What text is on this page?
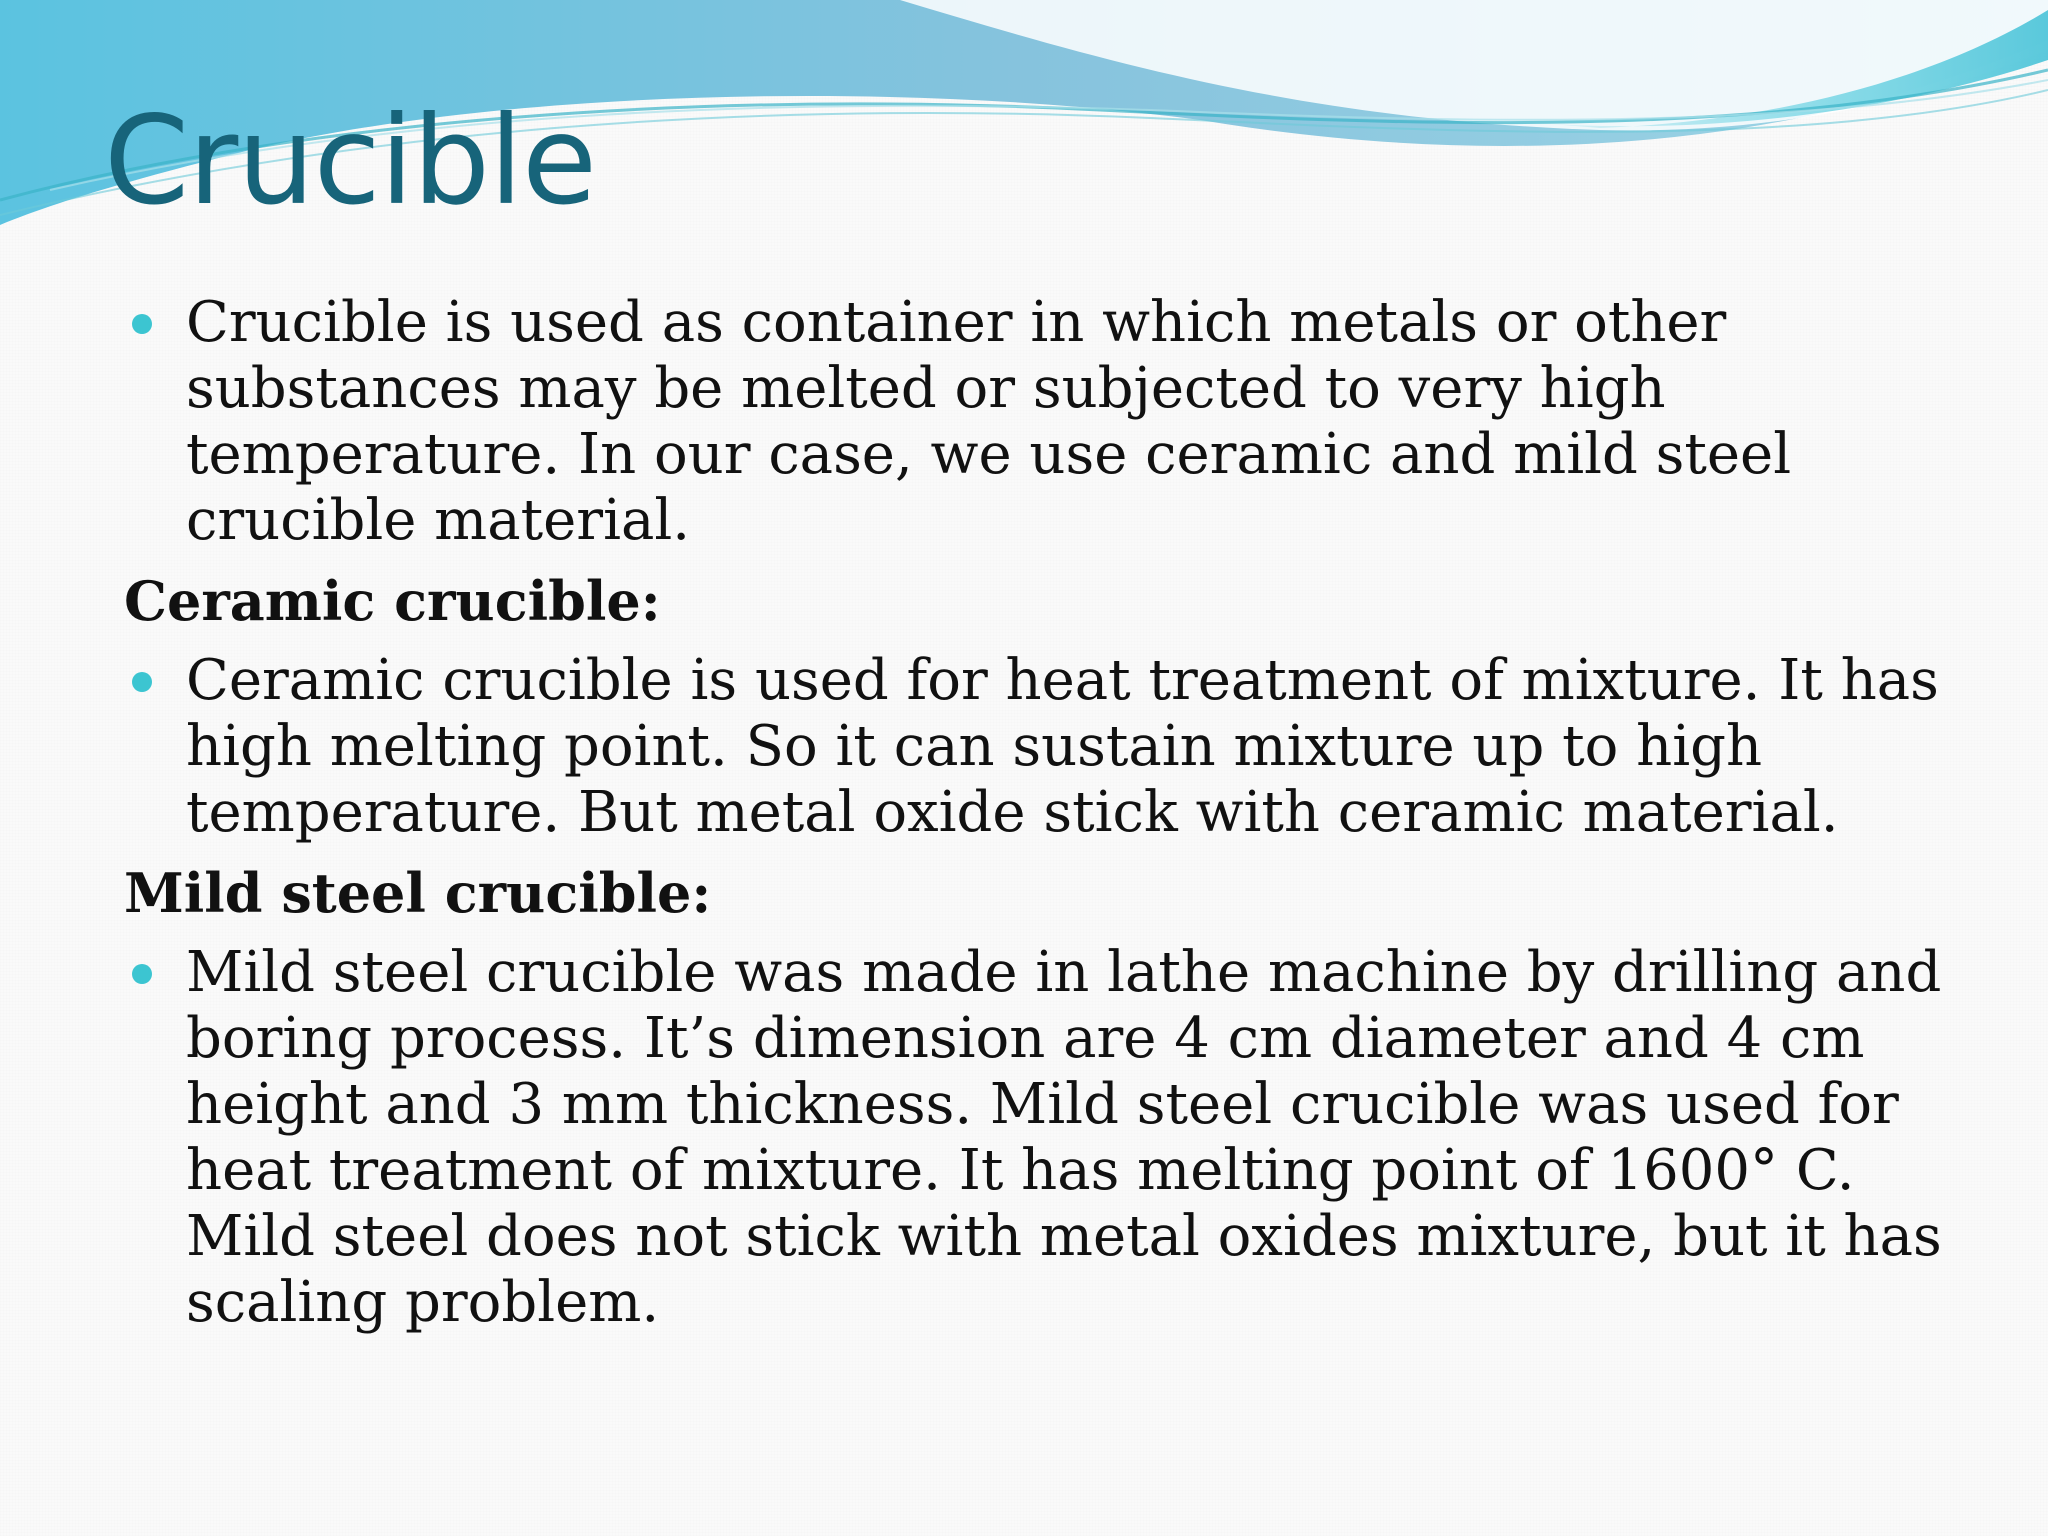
Crucible
Crucible is used as container in which metals or other substances may be melted or subjected to very high temperature. In our case, we use ceramic and mild steel crucible material.
Ceramic crucible:
Ceramic crucible is used for heat treatment of mixture. It has high melting point. So it can sustain mixture up to high temperature. But metal oxide stick with ceramic material.
Mild steel crucible:
Mild steel crucible was made in lathe machine by drilling and boring process. It’s dimension are 4 cm diameter and 4 cm height and 3 mm thickness. Mild steel crucible was used for heat treatment of mixture. It has melting point of 1600° C. Mild steel does not stick with metal oxides mixture, but it has scaling problem.
